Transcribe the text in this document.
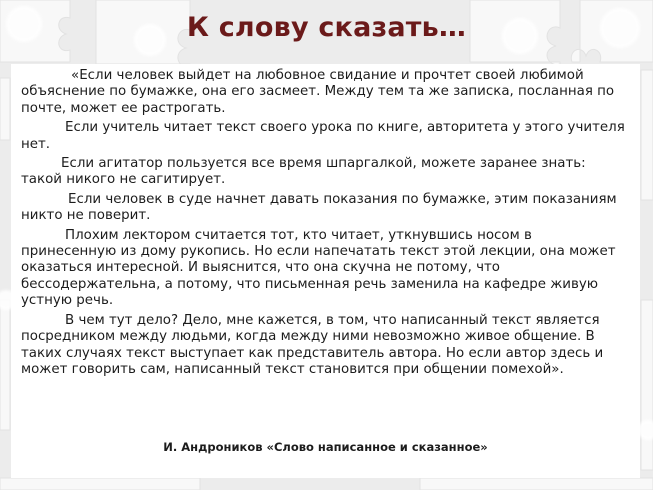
К слову сказать…

«Если человек выйдет на любовное свидание и прочтет своей любимой объяснение по бумажке, она его засмеет. Между тем та же записка, посланная по почте, может ее растрогать.

Если учитель читает текст своего урока по книге, авторитета у этого учителя нет.

Если агитатор пользуется все время шпаргалкой, можете заранее знать: такой никого не сагитирует.

Если человек в суде начнет давать показания по бумажке, этим показаниям никто не поверит.

Плохим лектором считается тот, кто читает, уткнувшись носом в принесенную из дому рукопись. Но если напечатать текст этой лекции, она может оказаться интересной. И выяснится, что она скучна не потому, что бессодержательна, а потому, что письменная речь заменила на кафедре живую устную речь.

В чем тут дело? Дело, мне кажется, в том, что написанный текст является посредником между людьми, когда между ними невозможно живое общение. В таких случаях текст выступает как представитель автора. Но если автор здесь и может говорить сам, написанный текст становится при общении помехой».

И. Андроников «Слово написанное и сказанное»
